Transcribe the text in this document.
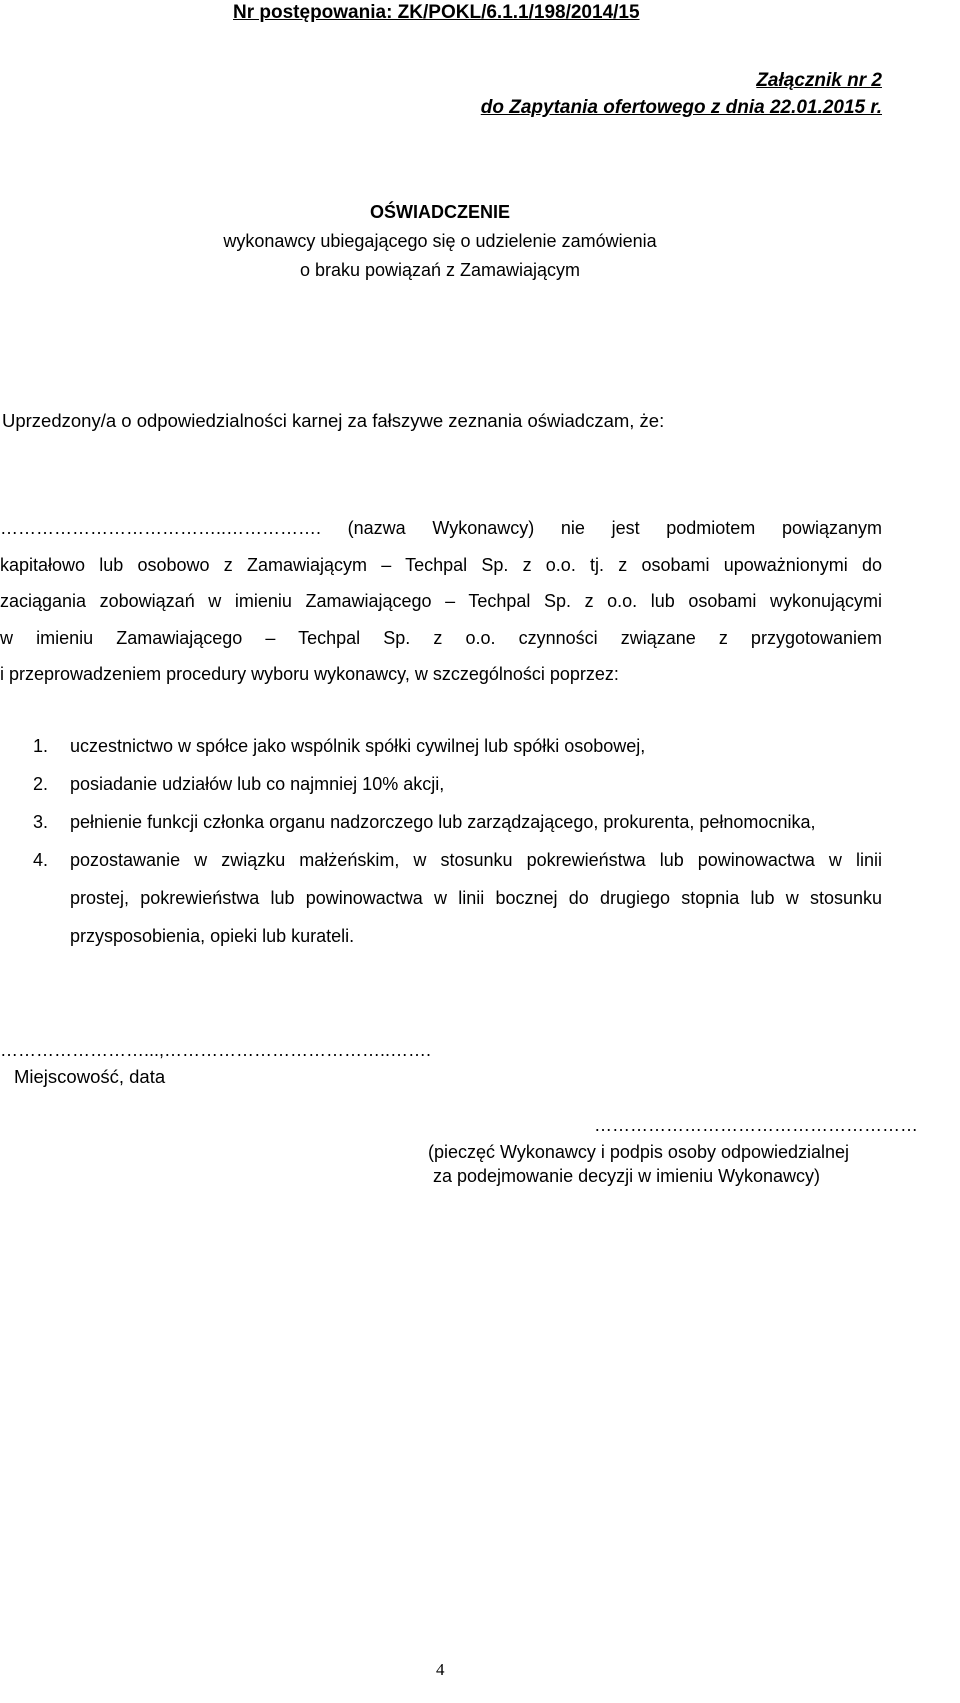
Nr postępowania: ZK/POKL/6.1.1/198/2014/15
Załącznik nr 2
do Zapytania ofertowego z dnia 22.01.2015 r.
OŚWIADCZENIE
wykonawcy ubiegającego się o udzielenie zamówienia
o braku powiązań z Zamawiającym
Uprzedzony/a o odpowiedzialności karnej za fałszywe zeznania oświadczam, że:
………………………………..……………. (nazwa Wykonawcy) nie jest podmiotem powiązanym
kapitałowo lub osobowo z Zamawiającym – Techpal Sp. z o.o. tj. z osobami upoważnionymi do
zaciągania zobowiązań w imieniu Zamawiającego – Techpal Sp. z o.o. lub osobami wykonującymi
w imieniu Zamawiającego – Techpal Sp. z o.o. czynności związane z przygotowaniem
i przeprowadzeniem procedury wyboru wykonawcy, w szczególności poprzez:
1. uczestnictwo w spółce jako wspólnik spółki cywilnej lub spółki osobowej,
2. posiadanie udziałów lub co najmniej 10% akcji,
3. pełnienie funkcji członka organu nadzorczego lub zarządzającego, prokurenta, pełnomocnika,
4. pozostawanie w związku małżeńskim, w stosunku pokrewieństwa lub powinowactwa w linii
prostej, pokrewieństwa lub powinowactwa w linii bocznej do drugiego stopnia lub w stosunku
przysposobienia, opieki lub kurateli.
……………………...,………………………………..…….
Miejscowość, data
………………………………………………
(pieczęć Wykonawcy i podpis osoby odpowiedzialnej
za podejmowanie decyzji w imieniu Wykonawcy)
4
